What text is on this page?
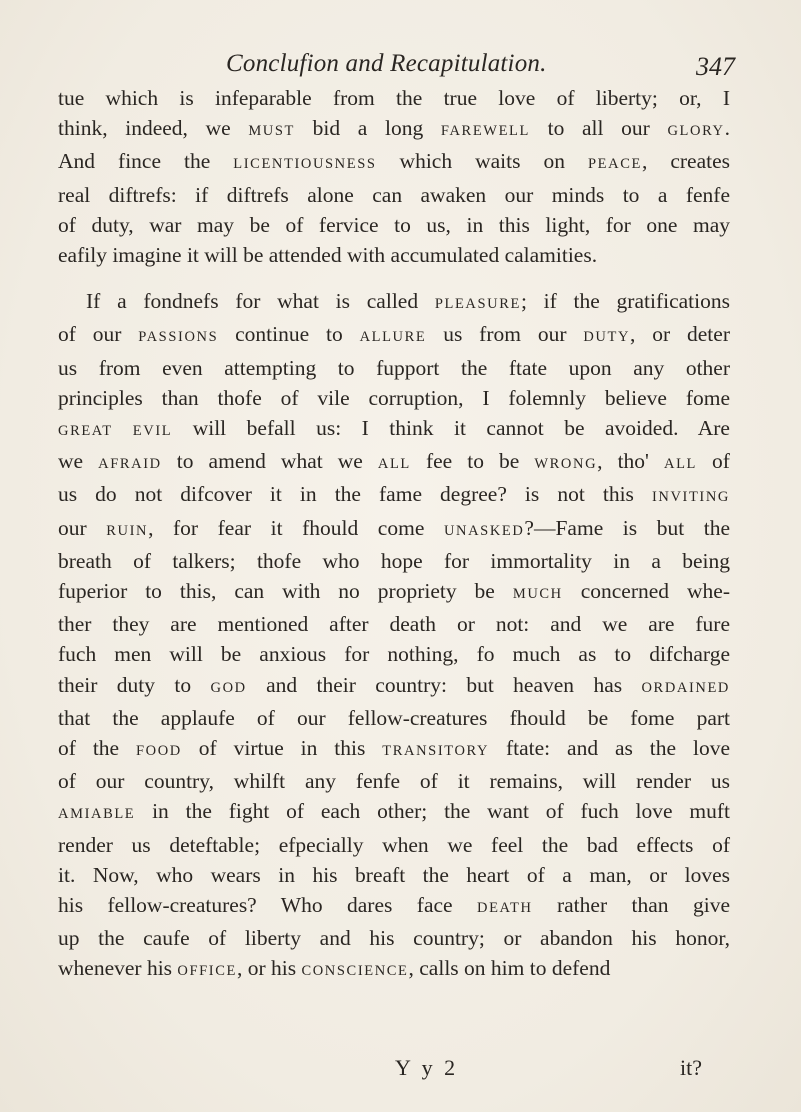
Conclufion and Recapitulation.	347
tue which is infeparable from the true love of liberty; or, I
think, indeed, we MUST bid a long FAREWELL to all our GLORY.
And fince the LICENTIOUSNESS which waits on PEACE, creates
real diftrefs: if diftrefs alone can awaken our minds to a fenfe
of duty, war may be of fervice to us, in this light, for one may
eafily imagine it will be attended with accumulated calamities.
If a fondnefs for what is called PLEASURE; if the gratifications
of our PASSIONS continue to ALLURE us from our DUTY, or deter
us from even attempting to fupport the ftate upon any other
principles than thofe of vile corruption, I folemnly believe fome
GREAT EVIL will befall us: I think it cannot be avoided. Are
we AFRAID to amend what we ALL fee to be WRONG, tho' ALL of
us do not difcover it in the fame degree? is not this INVITING
our RUIN, for fear it fhould come UNASKED?—Fame is but the
breath of talkers; thofe who hope for immortality in a being
fuperior to this, can with no propriety be MUCH concerned whe-
ther they are mentioned after death or not: and we are fure
fuch men will be anxious for nothing, fo much as to difcharge
their duty to GOD and their country: but heaven has ORDAINED
that the applaufe of our fellow-creatures fhould be fome part
of the FOOD of virtue in this TRANSITORY ftate: and as the love
of our country, whilft any fenfe of it remains, will render us
AMIABLE in the fight of each other; the want of fuch love muft
render us deteftable; efpecially when we feel the bad effects of
it. Now, who wears in his breaft the heart of a man, or loves
his fellow-creatures? Who dares face DEATH rather than give
up the caufe of liberty and his country; or abandon his honor,
whenever his OFFICE, or his CONSCIENCE, calls on him to defend
Y y 2	it?
